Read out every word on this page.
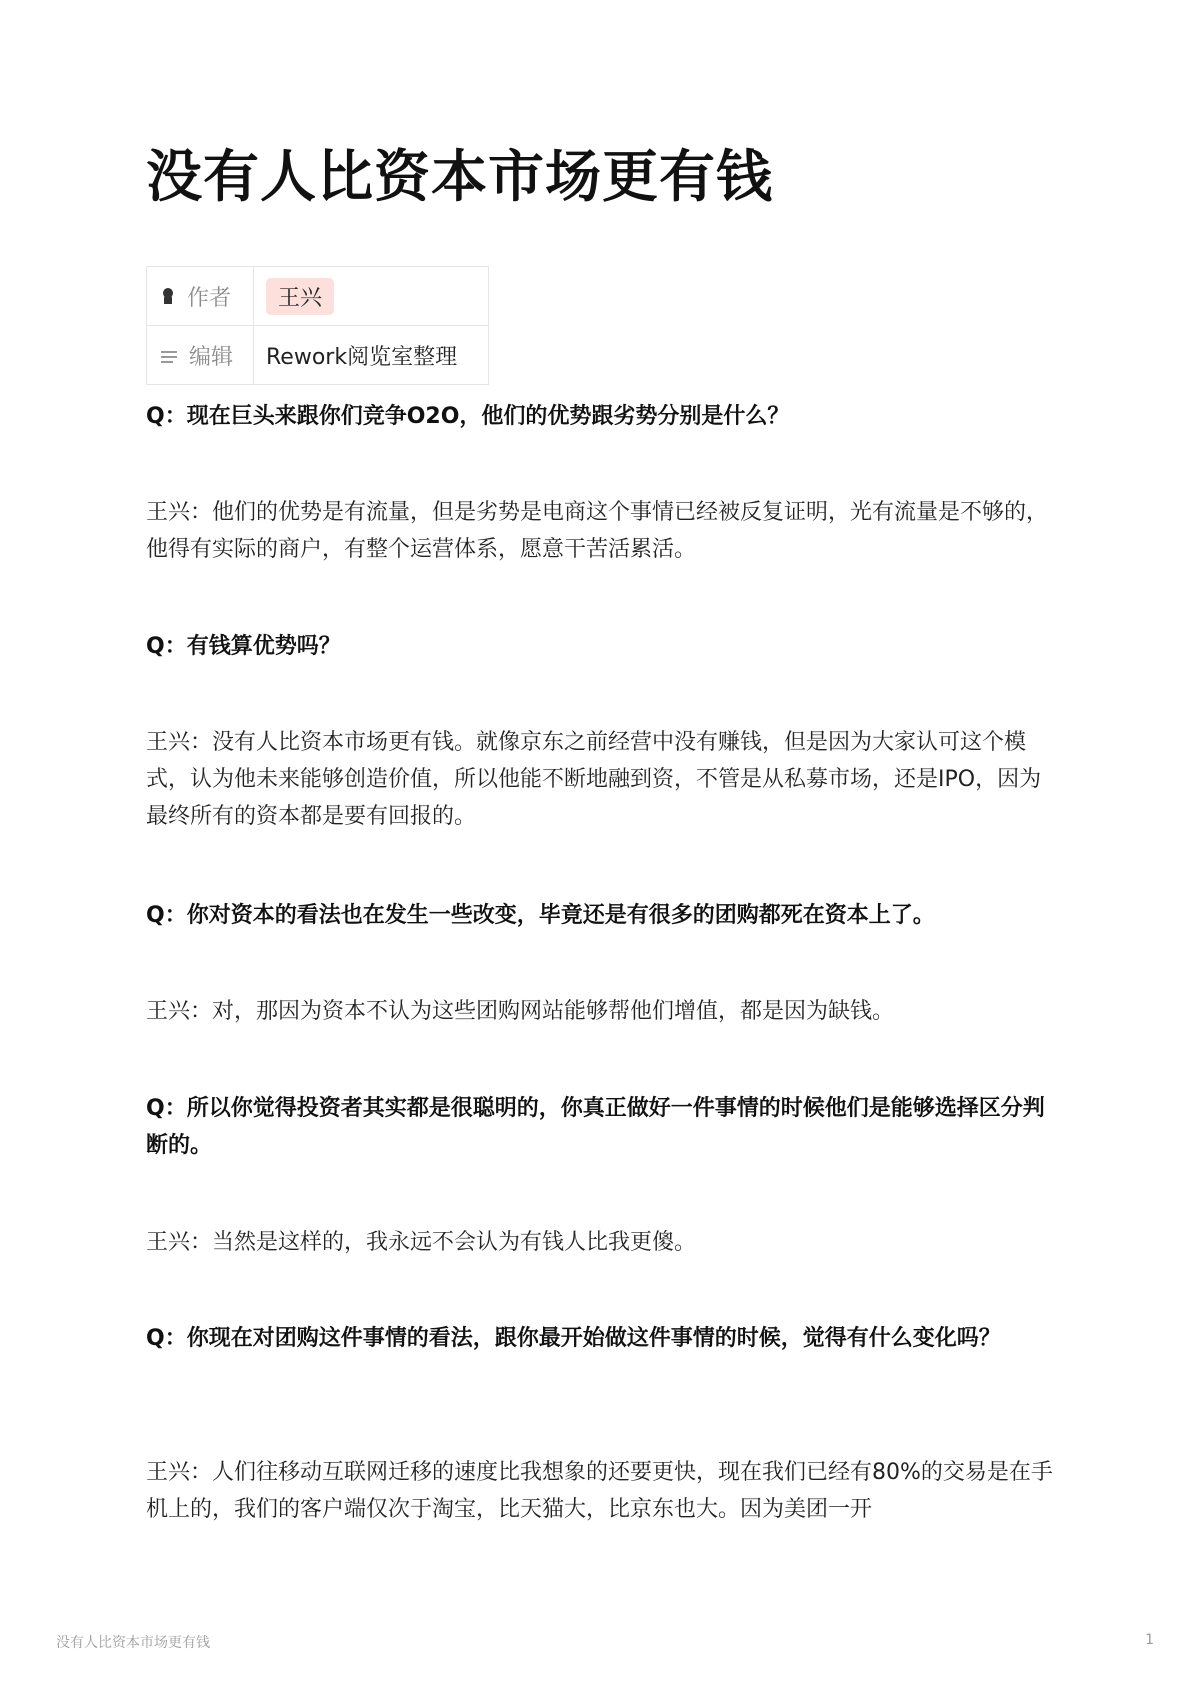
没有人比资本市场更有钱
作者	王兴

编辑	Rework阅览室整理
Q：现在巨头来跟你们竞争O2O，他们的优势跟劣势分别是什么？
王兴：他们的优势是有流量，但是劣势是电商这个事情已经被反复证明，光有流量是不够的，他得有实际的商户，有整个运营体系，愿意干苦活累活。
Q：有钱算优势吗？
王兴：没有人比资本市场更有钱。就像京东之前经营中没有赚钱，但是因为大家认可这个模式，认为他未来能够创造价值，所以他能不断地融到资，不管是从私募市场，还是IPO，因为最终所有的资本都是要有回报的。
Q：你对资本的看法也在发生一些改变，毕竟还是有很多的团购都死在资本上了。
王兴：对，那因为资本不认为这些团购网站能够帮他们增值，都是因为缺钱。
Q：所以你觉得投资者其实都是很聪明的，你真正做好一件事情的时候他们是能够选择区分判断的。
王兴：当然是这样的，我永远不会认为有钱人比我更傻。
Q：你现在对团购这件事情的看法，跟你最开始做这件事情的时候，觉得有什么变化吗？
王兴：人们往移动互联网迁移的速度比我想象的还要更快，现在我们已经有80%的交易是在手机上的，我们的客户端仅次于淘宝，比天猫大，比京东也大。因为美团一开
没有人比资本市场更有钱	1
